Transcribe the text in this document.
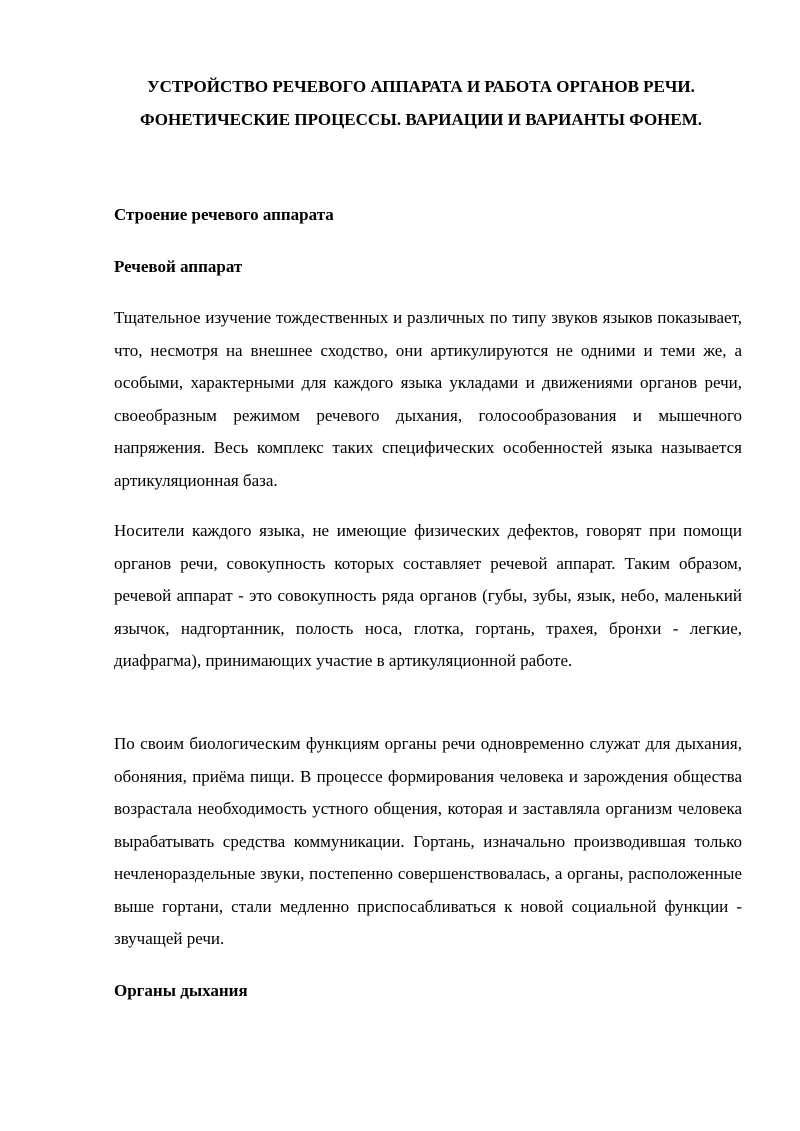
УСТРОЙСТВО РЕЧЕВОГО АППАРАТА И РАБОТА ОРГАНОВ РЕЧИ.
ФОНЕТИЧЕСКИЕ ПРОЦЕССЫ. ВАРИАЦИИ И ВАРИАНТЫ ФОНЕМ.
Строение речевого аппарата
Речевой аппарат

Тщательное изучение тождественных и различных по типу звуков языков показывает, что, несмотря на внешнее сходство, они артикулируются не одними и теми же, а особыми, характерными для каждого языка укладами и движениями органов речи, своеобразным режимом речевого дыхания, голосообразования и мышечного напряжения. Весь комплекс таких специфических особенностей языка называется артикуляционная база.

Носители каждого языка, не имеющие физических дефектов, говорят при помощи органов речи, совокупность которых составляет речевой аппарат. Таким образом, речевой аппарат - это совокупность ряда органов (губы, зубы, язык, небо, маленький язычок, надгортанник, полость носа, глотка, гортань, трахея, бронхи - легкие, диафрагма), принимающих участие в артикуляционной работе.

По своим биологическим функциям органы речи одновременно служат для дыхания, обоняния, приёма пищи. В процессе формирования человека и зарождения общества возрастала необходимость устного общения, которая и заставляла организм человека вырабатывать средства коммуникации. Гортань, изначально производившая только нечленораздельные звуки, постепенно совершенствовалась, а органы, расположенные выше гортани, стали медленно приспосабливаться к новой социальной функции - звучащей речи.

Органы дыхания
